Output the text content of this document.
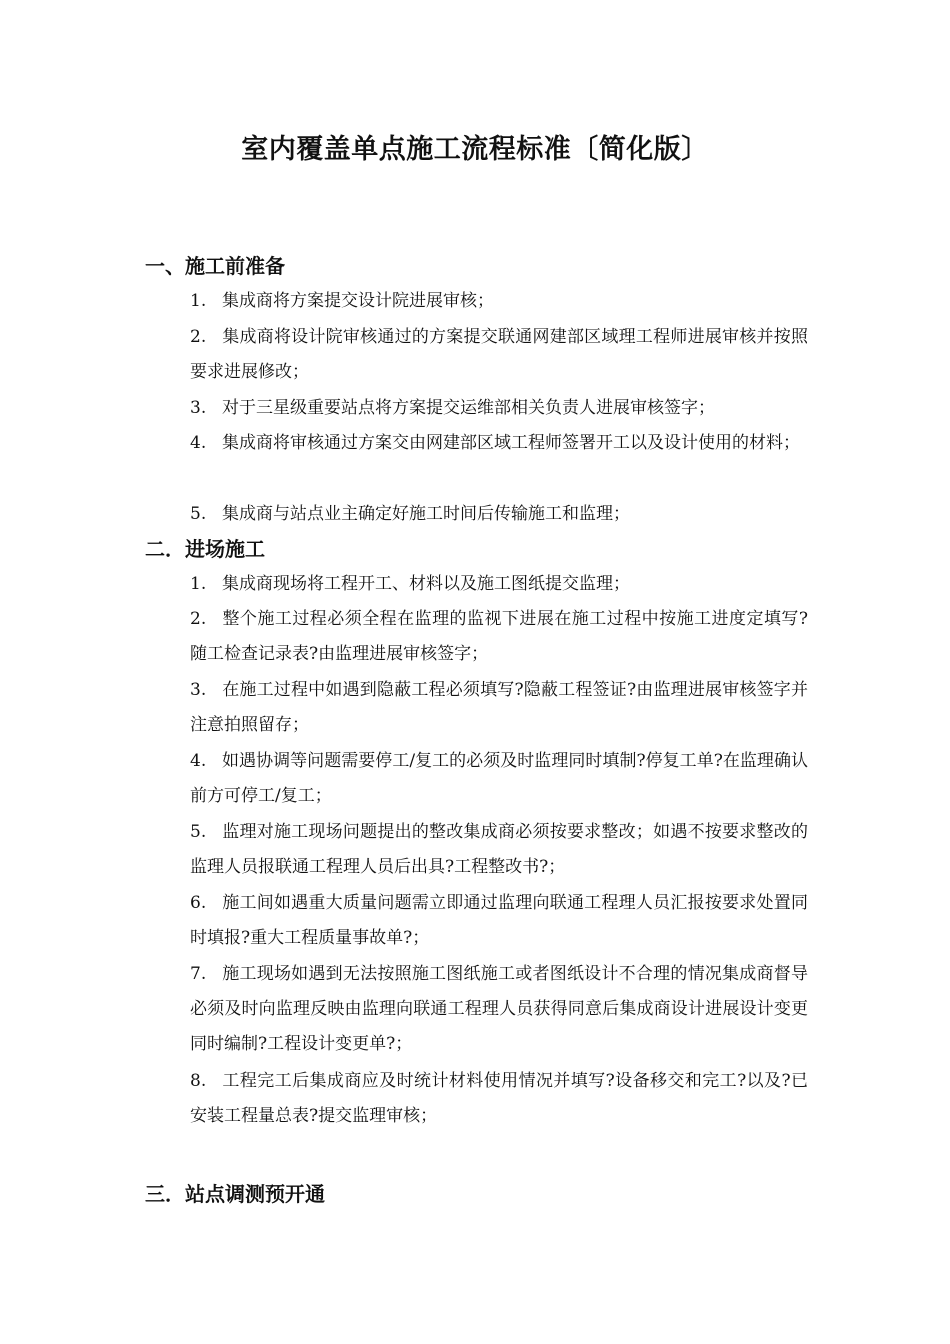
室内覆盖单点施工流程标准〔简化版〕
一、施工前准备

1. 集成商将方案提交设计院进展审核；

2. 集成商将设计院审核通过的方案提交联通网建部区域理工程师进展审核并按照要求进展修改；

3. 对于三星级重要站点将方案提交运维部相关负责人进展审核签字；

4. 集成商将审核通过方案交由网建部区域工程师签署开工以及设计使用的材料；

5. 集成商与站点业主确定好施工时间后传输施工和监理；

二．进场施工

1. 集成商现场将工程开工、材料以及施工图纸提交监理；

2. 整个施工过程必须全程在监理的监视下进展在施工过程中按施工进度定填写?随工检查记录表?由监理进展审核签字；

3. 在施工过程中如遇到隐蔽工程必须填写?隐蔽工程签证?由监理进展审核签字并注意拍照留存；

4. 如遇协调等问题需要停工/复工的必须及时监理同时填制?停复工单?在监理确认前方可停工/复工；

5. 监理对施工现场问题提出的整改集成商必须按要求整改；如遇不按要求整改的监理人员报联通工程理人员后出具?工程整改书?；

6. 施工间如遇重大质量问题需立即通过监理向联通工程理人员汇报按要求处置同时填报?重大工程质量事故单?；

7. 施工现场如遇到无法按照施工图纸施工或者图纸设计不合理的情况集成商督导必须及时向监理反映由监理向联通工程理人员获得同意后集成商设计进展设计变更同时编制?工程设计变更单?；

8. 工程完工后集成商应及时统计材料使用情况并填写?设备移交和完工?以及?已安装工程量总表?提交监理审核；

三．站点调测预开通
